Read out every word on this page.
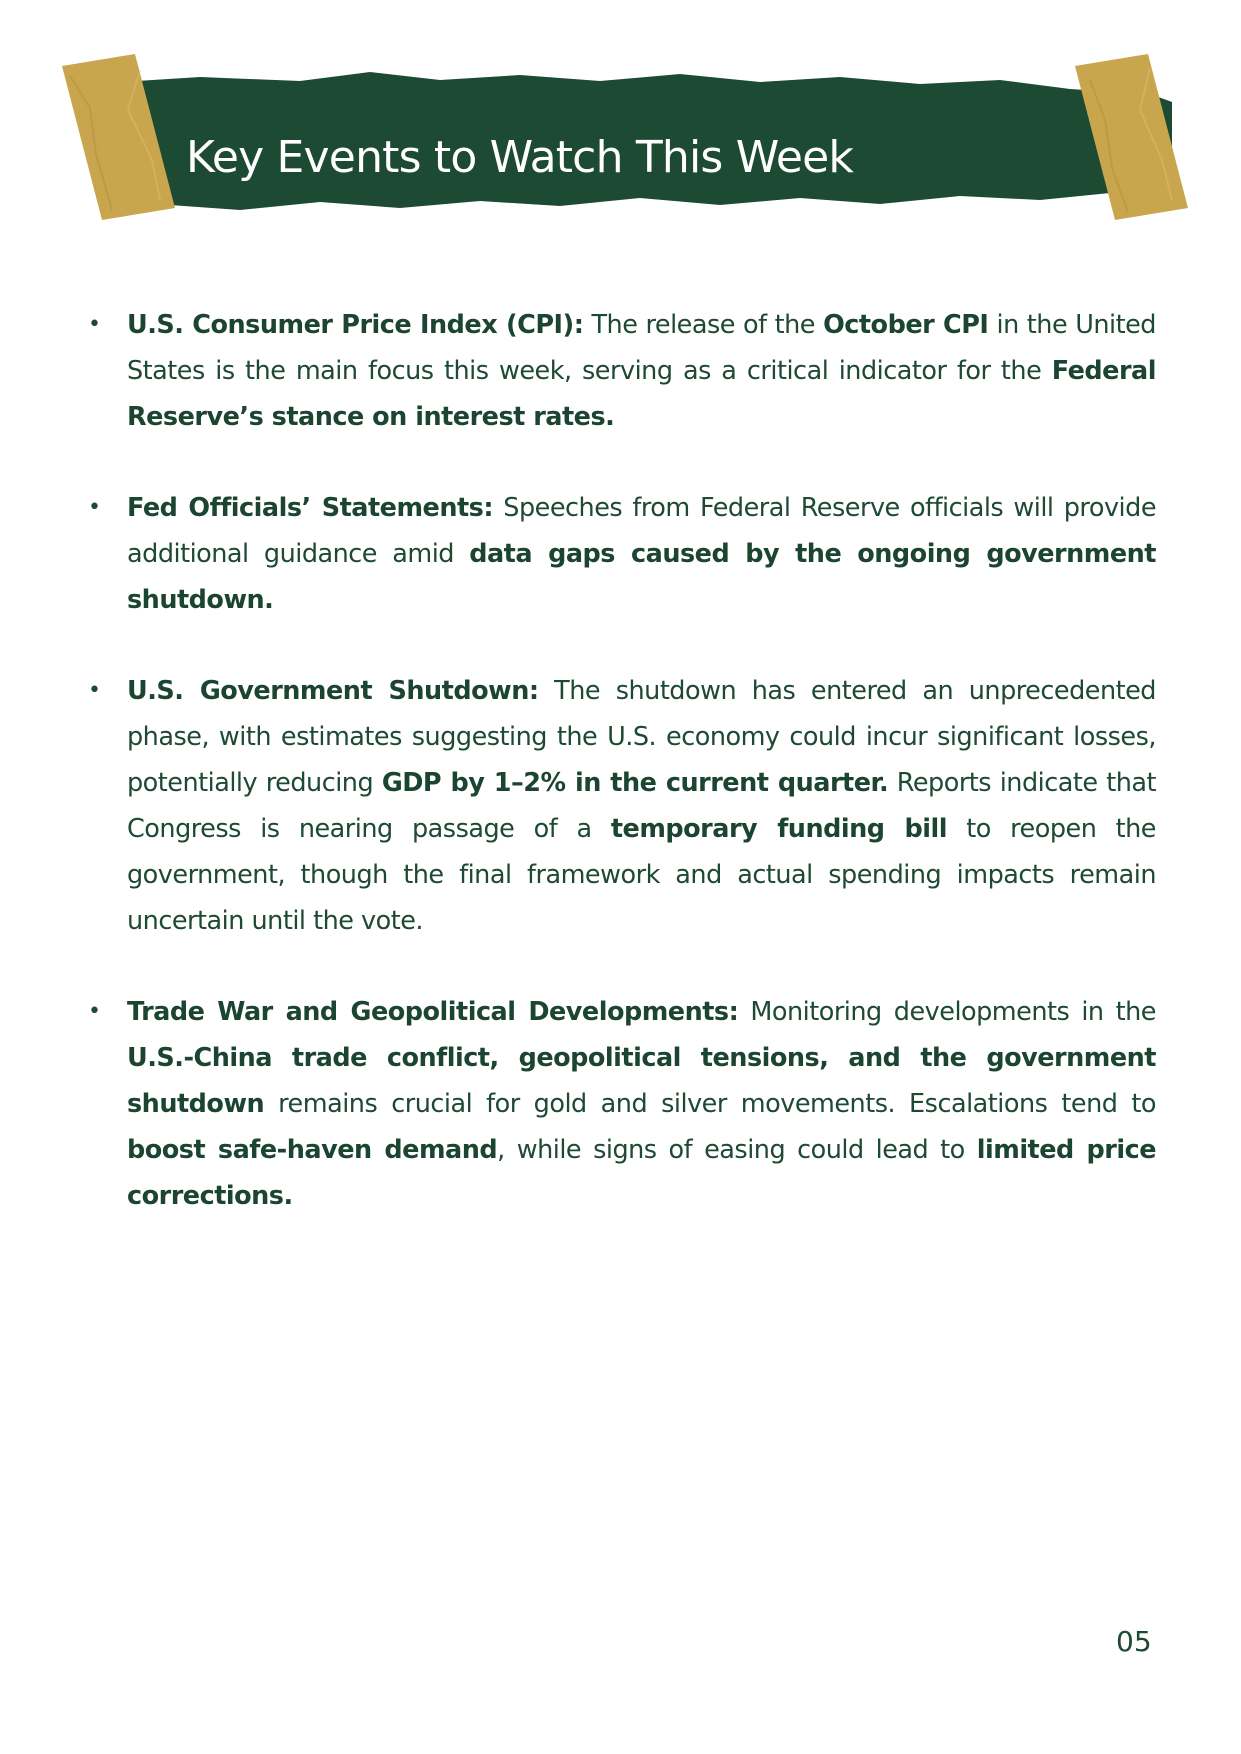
Key Events to Watch This Week
• U.S. Consumer Price Index (CPI): The release of the October CPI in the United States is the main focus this week, serving as a critical indicator for the Federal Reserve’s stance on interest rates.
• Fed Officials’ Statements: Speeches from Federal Reserve officials will provide additional guidance amid data gaps caused by the ongoing government shutdown.
• U.S. Government Shutdown: The shutdown has entered an unprecedented phase, with estimates suggesting the U.S. economy could incur significant losses, potentially reducing GDP by 1–2% in the current quarter. Reports indicate that Congress is nearing passage of a temporary funding bill to reopen the government, though the final framework and actual spending impacts remain uncertain until the vote.
• Trade War and Geopolitical Developments: Monitoring developments in the U.S.-China trade conflict, geopolitical tensions, and the government shutdown remains crucial for gold and silver movements. Escalations tend to boost safe-haven demand, while signs of easing could lead to limited price corrections.
05
